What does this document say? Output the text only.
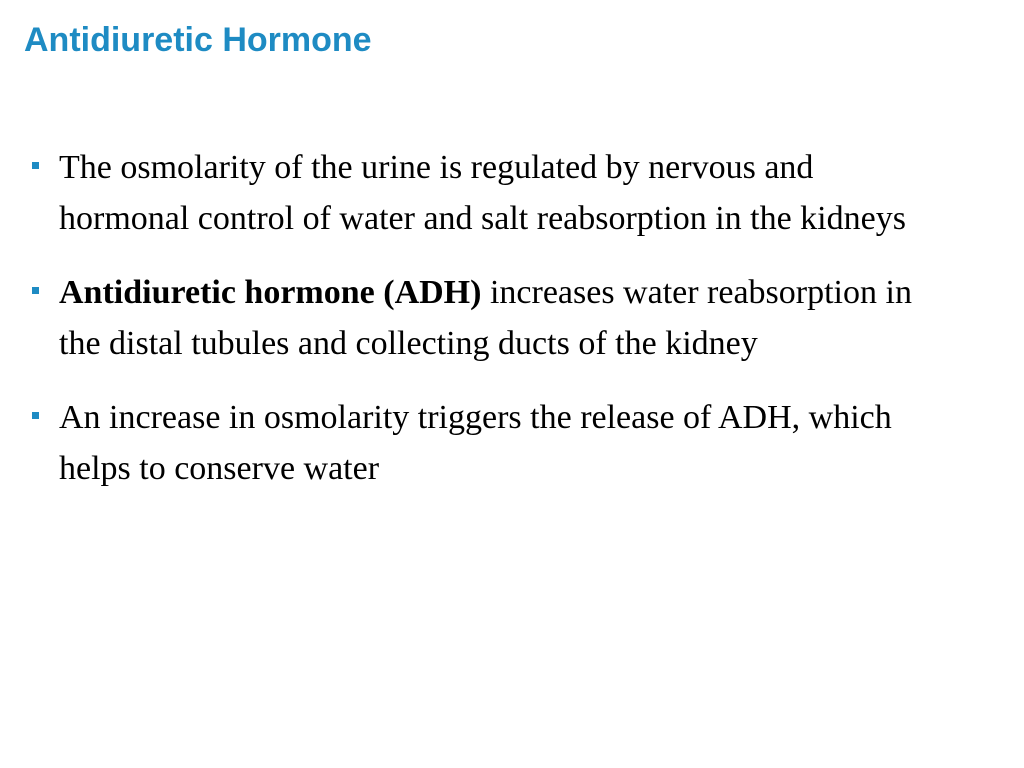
Antidiuretic Hormone
The osmolarity of the urine is regulated by nervous and hormonal control of water and salt reabsorption in the kidneys
Antidiuretic hormone (ADH) increases water reabsorption in the distal tubules and collecting ducts of the kidney
An increase in osmolarity triggers the release of ADH, which helps to conserve water
